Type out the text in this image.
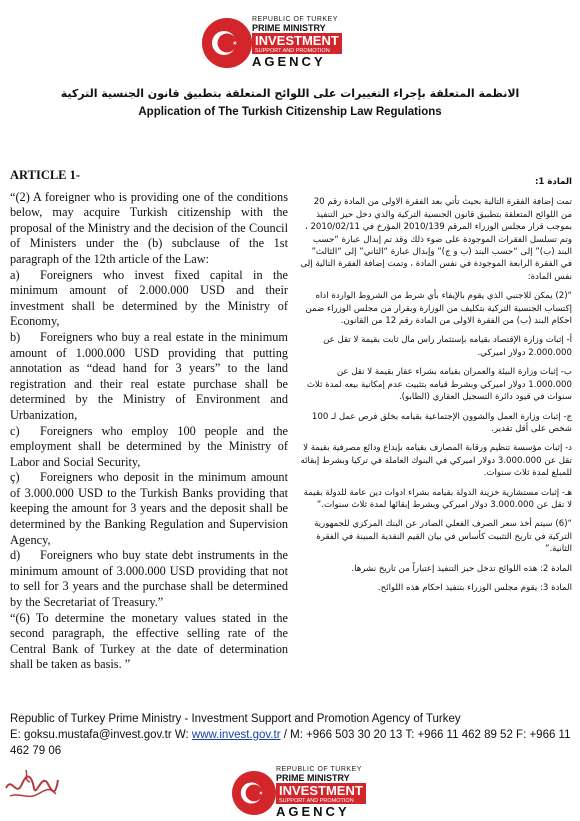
REPUBLIC OF TURKEY
PRIME MINISTRY
INVESTMENT
SUPPORT AND PROMOTION
AGENCY
الانظمة المتعلقة بإجراء التغييرات على اللوائح المتعلقة بتطبيق قانون الجنسية التركية
Application of The Turkish Citizenship Law Regulations
ARTICLE 1-

“(2) A foreigner who is providing one of the conditions below, may acquire Turkish citizenship with the proposal of the Ministry and the decision of the Council of Ministers under the (b) subclause of the 1st paragraph of the 12th article of the Law:

a) Foreigners who invest fixed capital in the minimum amount of 2.000.000 USD and their investment shall be determined by the Ministry of Economy,

b) Foreigners who buy a real estate in the minimum amount of 1.000.000 USD providing that putting annotation as “dead hand for 3 years” to the land registration and their real estate purchase shall be determined by the Ministry of Environment and Urbanization,

c) Foreigners who employ 100 people and the employment shall be determined by the Ministry of Labor and Social Security,

ç) Foreigners who deposit in the minimum amount of 3.000.000 USD to the Turkish Banks providing that keeping the amount for 3 years and the deposit shall be determined by the Banking Regulation and Supervision Agency,

d) Foreigners who buy state debt instruments in the minimum amount of 3.000.000 USD providing that not to sell for 3 years and the purchase shall be determined by the Secretariat of Treasury.”

“(6) To determine the monetary values stated in the second paragraph, the effective selling rate of the Central Bank of Turkey at the date of determination shall be taken as basis. ”

المادة 1:

تمت إضافة الفقرة التالية بحيث تأتي بعد الفقرة الاولى من المادة رقم 20 من اللوائح المتعلقة بتطبيق قانون الجنسية التركية والذي دخل حيز التنفيذ بموجب قرار مجلس الوزراء المرقم 2010/139 المؤرخ في 2010/02/11 ، وتم تسلسل الفقرات الموجودة على ضوء ذلك وقد تم إبدال عبارة “حسب البند (ب)” إلى “حسب البند (ب و ج)” وإبدال عبارة “الثاني” إلى “الثالث” في الفقرة الرابعة الموجودة في نفس المادة ، وتمت إضافة الفقرة التالية إلى نفس المادة:

“(2) يمكن للاجنبي الذي يقوم بالإيفاء بأي شرط من الشروط الواردة اداه إكتساب الجنسية التركية بتكليف من الوزارة وبقرار من مجلس الوزراء ضمن احكام البند (ب) من الفقرة الاولى من المادة رقم 12 من القانون.

أ- إثبات وزارة الإقتصاد بقيامه بإستثمار راس مال ثابت بقيمة لا تقل عن 2.000.000 دولار اميركي.

ب- إثبات وزارة البيئة والعمران بقيامه بشراء عقار بقيمة لا تقل عن 1.000.000 دولار اميركي وبشرط قيامه بتثبيت عدم إمكانية بيعه لمدة ثلاث سنوات في قيود دائرة التسجيل العقاري (الطابو).

ج- إثبات وزارة العمل والشوون الإجتماعية بقيامه بخلق فرص عمل لـ 100 شخص على أقل تقدير.

د- إثبات مؤسسة تنظيم ورقابة المصارف بقيامه بإيداع ودائع مصرفية بقيمة لا تقل عن 3.000.000 دولار اميركي في البنوك العاملة في تركيا وبشرط إبقائه للمبلغ لمدة ثلاث سنوات.

هـ- إثبات مستشارية خزينة الدولة بقيامه بشراء ادوات دين عامة للدولة بقيمة لا تقل عن 3.000.000 دولار اميركي وبشرط إبقائها لمدة ثلاث سنوات.”

“(6) سيتم أخذ سعر الصرف الفعلي الصادر عن البنك المركزي للجمهورية التركية في تاريخ التثبيت كأساس في بيان القيم النقدية المبينة في الفقرة الثانية.”

المادة 2: هذه اللوائح تدخل حيز التنفيذ إعتباراً من تاريخ نشرها.

المادة 3: يقوم مجلس الوزراء بتنفيذ احكام هذه اللوائح.

Republic of Turkey Prime Ministry - Investment Support and Promotion Agency of Turkey
E: goksu.mustafa@invest.gov.tr W: www.invest.gov.tr / M: +966 503 30 20 13 T: +966 11 462 89 52 F: +966 11 462 79 06
REPUBLIC OF TURKEY
PRIME MINISTRY
INVESTMENT
SUPPORT AND PROMOTION
AGENCY
